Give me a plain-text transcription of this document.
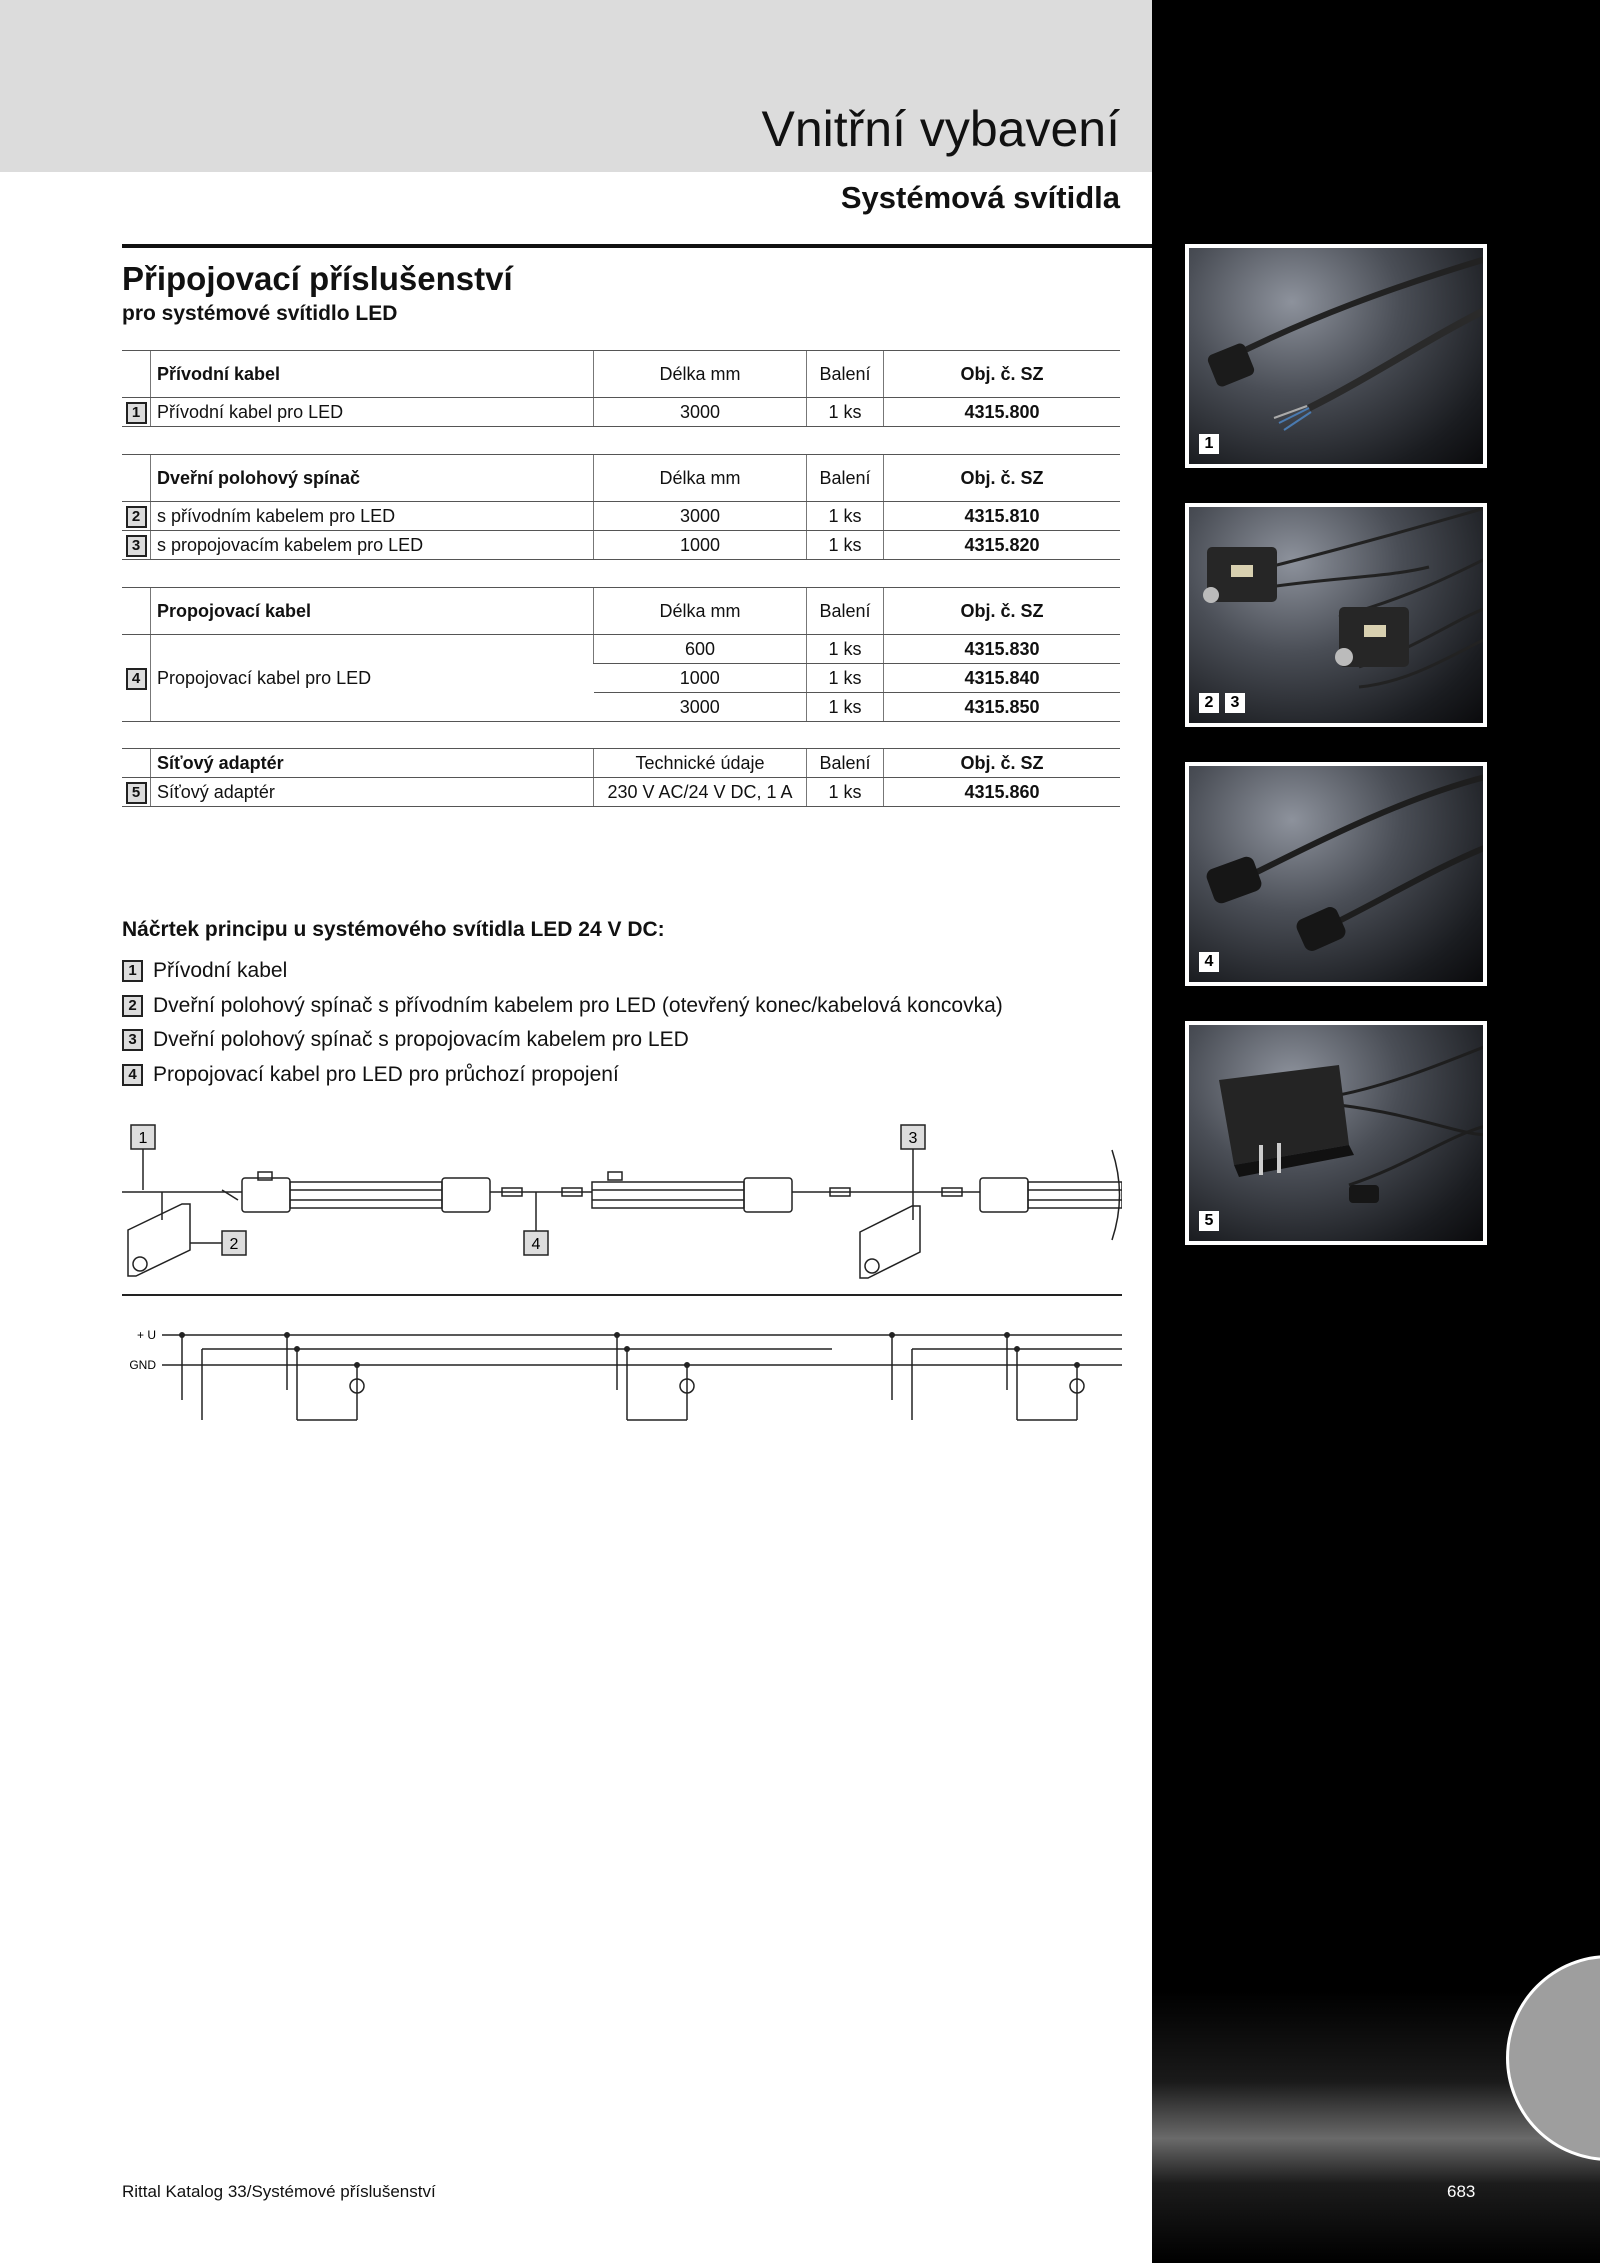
Vnitřní vybavení
Systémová svítidla
Připojovací příslušenství

pro systémové svítidlo LED

	Přívodní kabel	Délka mm	Balení	Obj. č. SZ
1	Přívodní kabel pro LED	3000	1 ks	4315.800
	Dveřní polohový spínač	Délka mm	Balení	Obj. č. SZ
2	s přívodním kabelem pro LED	3000	1 ks	4315.810
3	s propojovacím kabelem pro LED	1000	1 ks	4315.820
	Propojovací kabel	Délka mm	Balení	Obj. č. SZ
4	Propojovací kabel pro LED	600	1 ks	4315.830
		1000	1 ks	4315.840
		3000	1 ks	4315.850
	Síťový adaptér	Technické údaje	Balení	Obj. č. SZ
5	Síťový adaptér	230 V AC/24 V DC, 1 A	1 ks	4315.860

Náčrtek principu u systémového svítidla LED 24 V DC:

1 Přívodní kabel
2 Dveřní polohový spínač s přívodním kabelem pro LED (otevřený konec/kabelová koncovka)
3 Dveřní polohový spínač s propojovacím kabelem pro LED
4 Propojovací kabel pro LED pro průchozí propojení
1
2	3
4
5
1
2	4
3
+ U
GND

Rittal Katalog 33/Systémové příslušenství	683
